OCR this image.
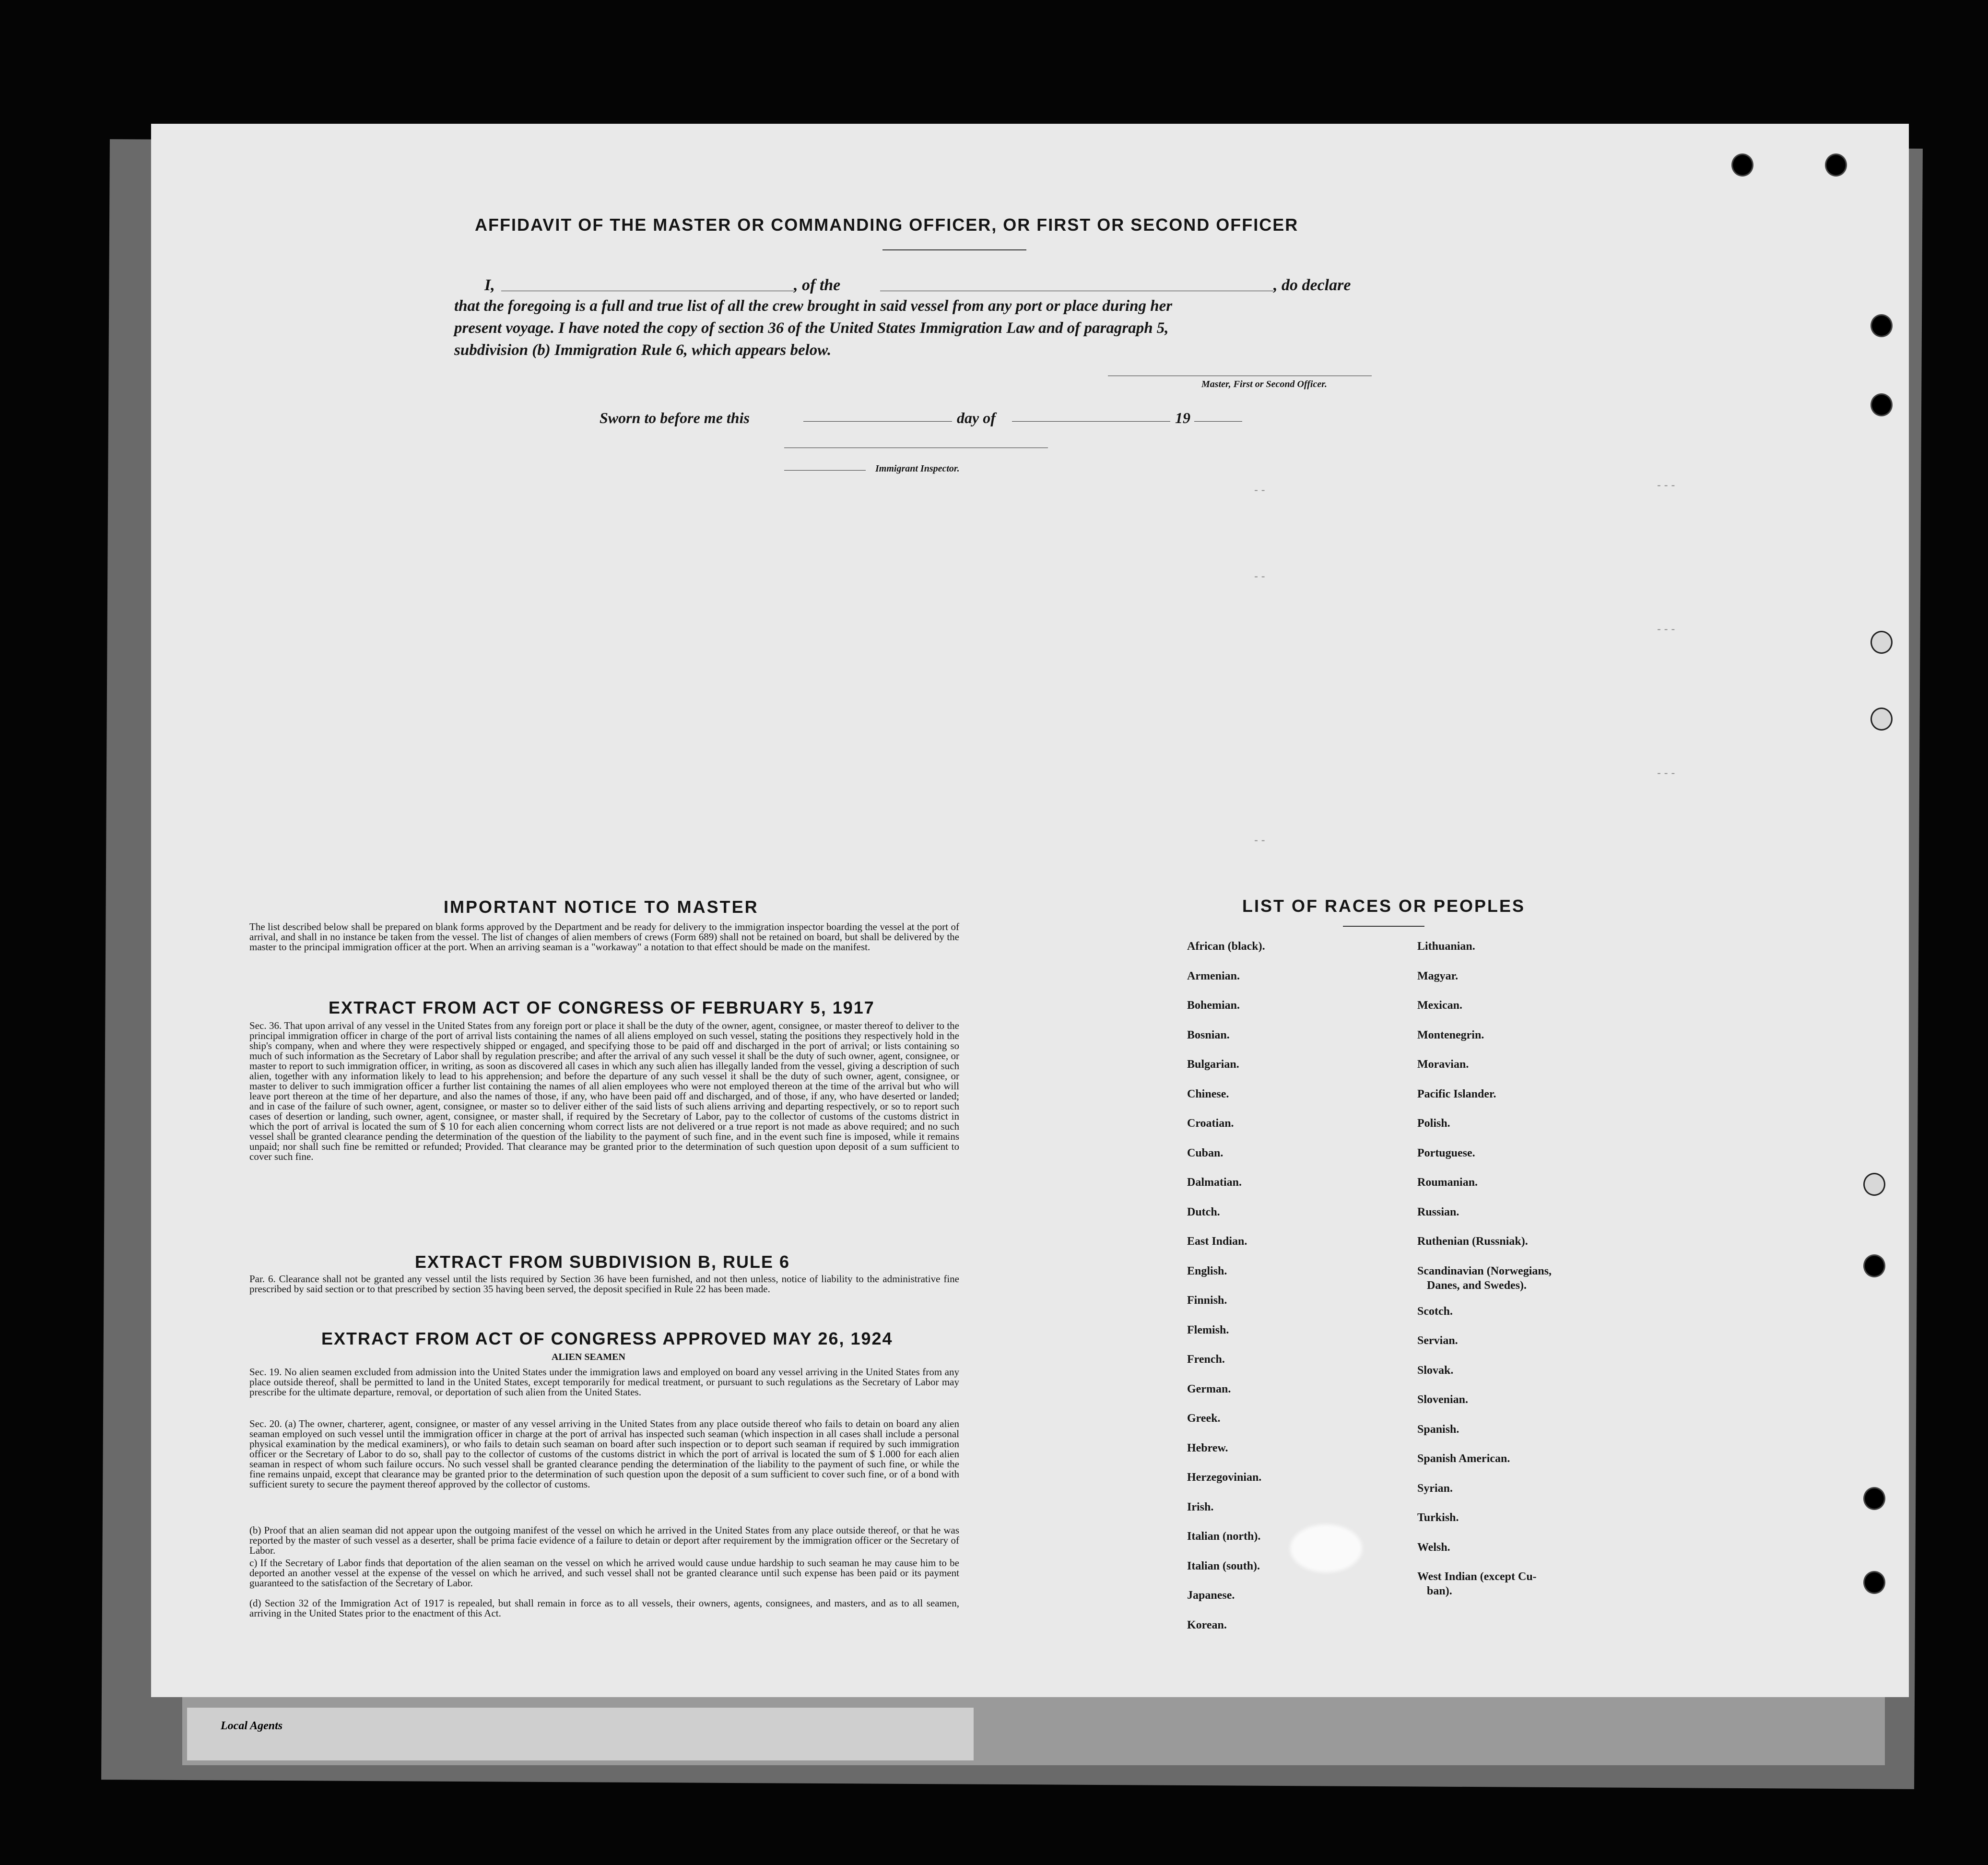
AFFIDAVIT OF THE MASTER OR COMMANDING OFFICER, OR FIRST OR SECOND OFFICER
I,	, of the	, do declare
that the foregoing is a full and true list of all the crew brought in said vessel from any port or place during her
present voyage. I have noted the copy of section 36 of the United States Immigration Law and of paragraph 5,
subdivision (b) Immigration Rule 6, which appears below.
Master, First or Second Officer.
Sworn to before me this	day of	19
Immigrant Inspector.
IMPORTANT NOTICE TO MASTER
The list described below shall be prepared on blank forms approved by the Department and be ready for delivery to the immigration inspector boarding the vessel at the port of arrival, and shall in no instance be taken from the vessel. The list of changes of alien members of crews (Form 689) shall not be retained on board, but shall be delivered by the master to the principal immigration officer at the port. When an arriving seaman is a "workaway" a notation to that effect should be made on the manifest.
EXTRACT FROM ACT OF CONGRESS OF FEBRUARY 5, 1917
Sec. 36. That upon arrival of any vessel in the United States from any foreign port or place it shall be the duty of the owner, agent, consignee, or master thereof to deliver to the principal immigration officer in charge of the port of arrival lists containing the names of all aliens employed on such vessel, stating the positions they respectively hold in the ship's company, when and where they were respectively shipped or engaged, and specifying those to be paid off and discharged in the port of arrival; or lists containing so much of such information as the Secretary of Labor shall by regulation prescribe; and after the arrival of any such vessel it shall be the duty of such owner, agent, consignee, or master to report to such immigration officer, in writing, as soon as discovered all cases in which any such alien has illegally landed from the vessel, giving a description of such alien, together with any information likely to lead to his apprehension; and before the departure of any such vessel it shall be the duty of such owner, agent, consignee, or master to deliver to such immigration officer a further list containing the names of all alien employees who were not employed thereon at the time of the arrival but who will leave port thereon at the time of her departure, and also the names of those, if any, who have been paid off and discharged, and of those, if any, who have deserted or landed; and in case of the failure of such owner, agent, consignee, or master so to deliver either of the said lists of such aliens arriving and departing respectively, or so to report such cases of desertion or landing, such owner, agent, consignee, or master shall, if required by the Secretary of Labor, pay to the collector of customs of the customs district in which the port of arrival is located the sum of $ 10 for each alien concerning whom correct lists are not delivered or a true report is not made as above required; and no such vessel shall be granted clearance pending the determination of the question of the liability to the payment of such fine, and in the event such fine is imposed, while it remains unpaid; nor shall such fine be remitted or refunded; Provided. That clearance may be granted prior to the determination of such question upon deposit of a sum sufficient to cover such fine.
EXTRACT FROM SUBDIVISION B, RULE 6
Par. 6. Clearance shall not be granted any vessel until the lists required by Section 36 have been furnished, and not then unless, notice of liability to the administrative fine prescribed by said section or to that prescribed by section 35 having been served, the deposit specified in Rule 22 has been made.
EXTRACT FROM ACT OF CONGRESS APPROVED MAY 26, 1924
ALIEN SEAMEN
Sec. 19. No alien seamen excluded from admission into the United States under the immigration laws and employed on board any vessel arriving in the United States from any place outside thereof, shall be permitted to land in the United States, except temporarily for medical treatment, or pursuant to such regulations as the Secretary of Labor may prescribe for the ultimate departure, removal, or deportation of such alien from the United States.
Sec. 20. (a) The owner, charterer, agent, consignee, or master of any vessel arriving in the United States from any place outside thereof who fails to detain on board any alien seaman employed on such vessel until the immigration officer in charge at the port of arrival has inspected such seaman (which inspection in all cases shall include a personal physical examination by the medical examiners), or who fails to detain such seaman on board after such inspection or to deport such seaman if required by such immigration officer or the Secretary of Labor to do so, shall pay to the collector of customs of the customs district in which the port of arrival is located the sum of $ 1.000 for each alien seaman in respect of whom such failure occurs. No such vessel shall be granted clearance pending the determination of the liability to the payment of such fine, or while the fine remains unpaid, except that clearance may be granted prior to the determination of such question upon the deposit of a sum sufficient to cover such fine, or of a bond with sufficient surety to secure the payment thereof approved by the collector of customs.
(b) Proof that an alien seaman did not appear upon the outgoing manifest of the vessel on which he arrived in the United States from any place outside thereof, or that he was reported by the master of such vessel as a deserter, shall be prima facie evidence of a failure to detain or deport after requirement by the immigration officer or the Secretary of Labor.
c) If the Secretary of Labor finds that deportation of the alien seaman on the vessel on which he arrived would cause undue hardship to such seaman he may cause him to be deported an another vessel at the expense of the vessel on which he arrived, and such vessel shall not be granted clearance until such expense has been paid or its payment guaranteed to the satisfaction of the Secretary of Labor.
(d) Section 32 of the Immigration Act of 1917 is repealed, but shall remain in force as to all vessels, their owners, agents, consignees, and masters, and as to all seamen, arriving in the United States prior to the enactment of this Act.
LIST OF RACES OR PEOPLES
African (black).
Armenian.
Bohemian.
Bosnian.
Bulgarian.
Chinese.
Croatian.
Cuban.
Dalmatian.
Dutch.
East Indian.
English.
Finnish.
Flemish.
French.
German.
Greek.
Hebrew.
Herzegovinian.
Irish.
Italian (north).
Italian (south).
Japanese.
Korean.
Lithuanian.
Magyar.
Mexican.
Montenegrin.
Moravian.
Pacific Islander.
Polish.
Portuguese.
Roumanian.
Russian.
Ruthenian (Russniak).
Scandinavian (Norwegians,
Danes, and Swedes).
Scotch.
Servian.
Slovak.
Slovenian.
Spanish.
Spanish American.
Syrian.
Turkish.
Welsh.
West Indian (except Cu-
ban).
- -
- -
- -
- - -
- - -
- - -
Local Agents
